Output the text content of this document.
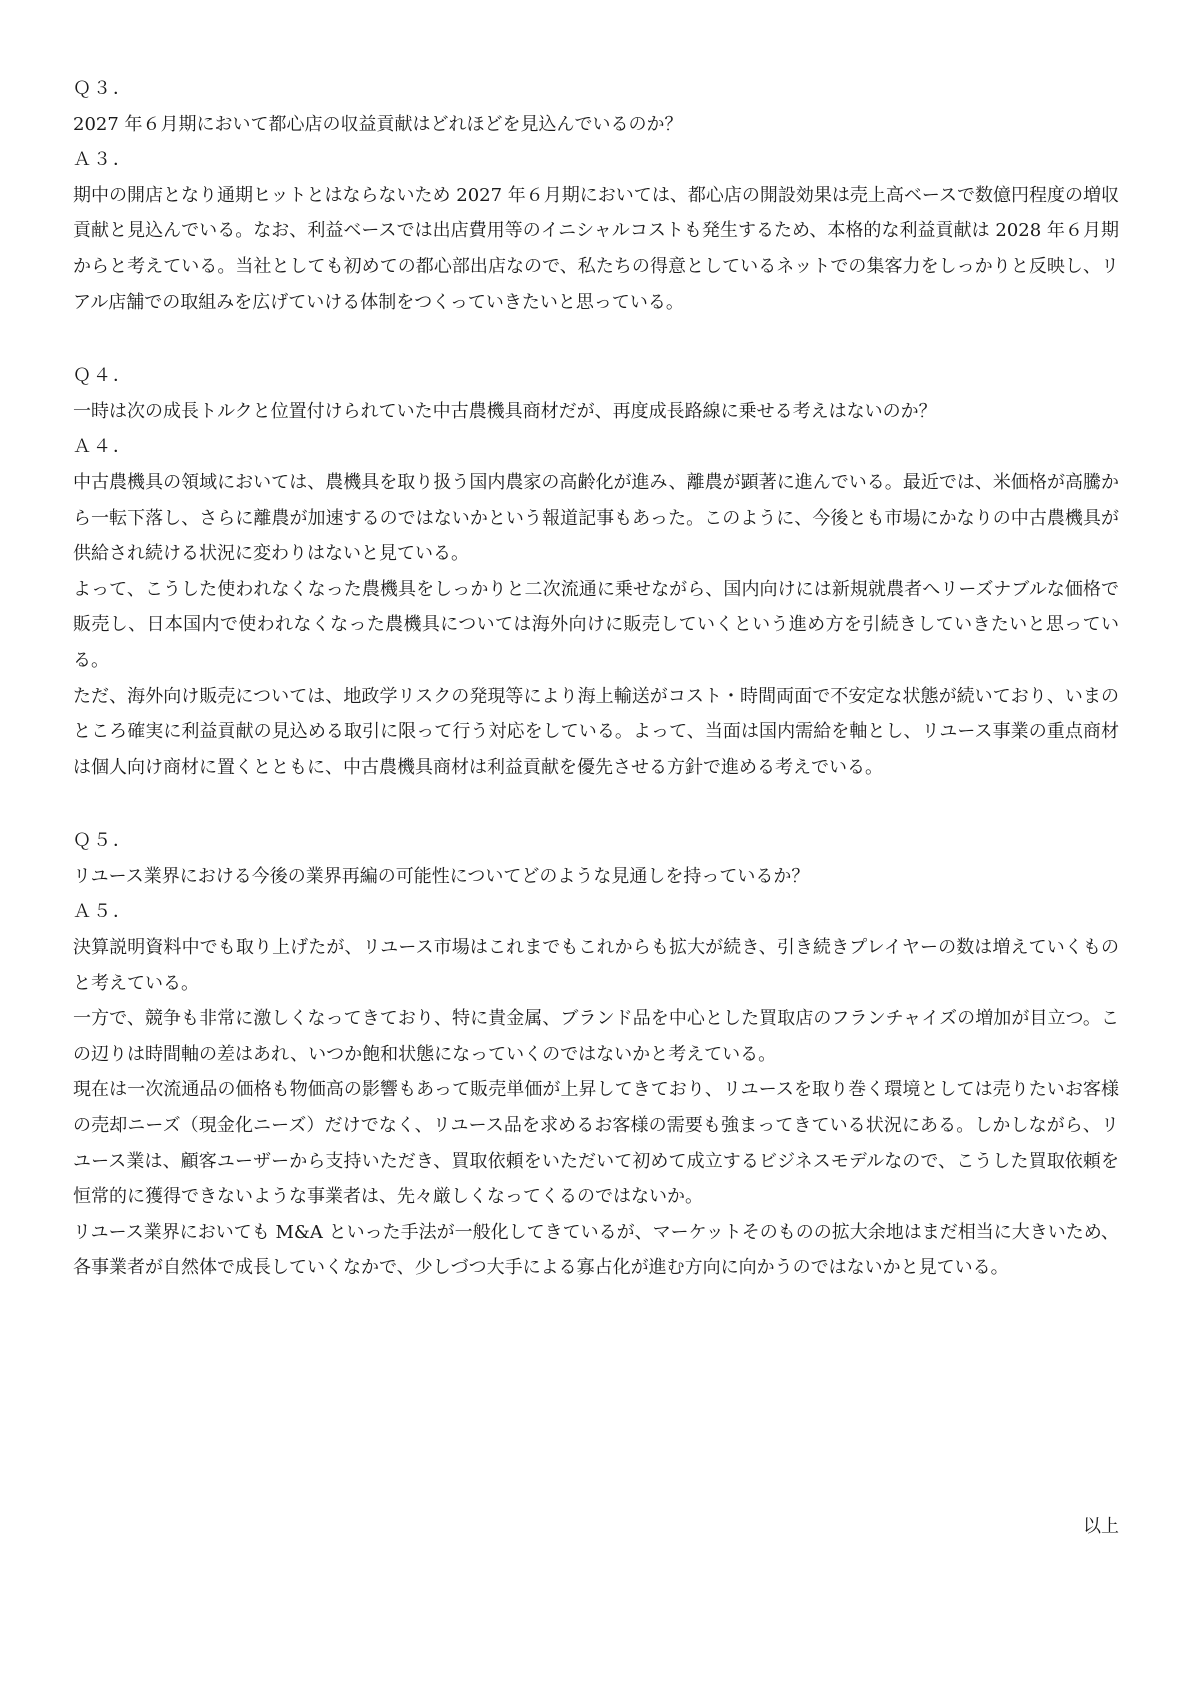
Ｑ３．

2027 年６月期において都心店の収益貢献はどれほどを見込んでいるのか？

Ａ３．

期中の開店となり通期ヒットとはならないため 2027 年６月期においては、都心店の開設効果は売上高ベースで数億円程度の増収貢献と見込んでいる。なお、利益ベースでは出店費用等のイニシャルコストも発生するため、本格的な利益貢献は 2028 年６月期からと考えている。当社としても初めての都心部出店なので、私たちの得意としているネットでの集客力をしっかりと反映し、リアル店舗での取組みを広げていける体制をつくっていきたいと思っている。

Ｑ４．

一時は次の成長トルクと位置付けられていた中古農機具商材だが、再度成長路線に乗せる考えはないのか？

Ａ４．

中古農機具の領域においては、農機具を取り扱う国内農家の高齢化が進み、離農が顕著に進んでいる。最近では、米価格が高騰から一転下落し、さらに離農が加速するのではないかという報道記事もあった。このように、今後とも市場にかなりの中古農機具が供給され続ける状況に変わりはないと見ている。

よって、こうした使われなくなった農機具をしっかりと二次流通に乗せながら、国内向けには新規就農者へリーズナブルな価格で販売し、日本国内で使われなくなった農機具については海外向けに販売していくという進め方を引続きしていきたいと思っている。

ただ、海外向け販売については、地政学リスクの発現等により海上輸送がコスト・時間両面で不安定な状態が続いており、いまのところ確実に利益貢献の見込める取引に限って行う対応をしている。よって、当面は国内需給を軸とし、リユース事業の重点商材は個人向け商材に置くとともに、中古農機具商材は利益貢献を優先させる方針で進める考えでいる。

Ｑ５．

リユース業界における今後の業界再編の可能性についてどのような見通しを持っているか？

Ａ５．

決算説明資料中でも取り上げたが、リユース市場はこれまでもこれからも拡大が続き、引き続きプレイヤーの数は増えていくものと考えている。

一方で、競争も非常に激しくなってきており、特に貴金属、ブランド品を中心とした買取店のフランチャイズの増加が目立つ。この辺りは時間軸の差はあれ、いつか飽和状態になっていくのではないかと考えている。

現在は一次流通品の価格も物価高の影響もあって販売単価が上昇してきており、リユースを取り巻く環境としては売りたいお客様の売却ニーズ（現金化ニーズ）だけでなく、リユース品を求めるお客様の需要も強まってきている状況にある。しかしながら、リユース業は、顧客ユーザーから支持いただき、買取依頼をいただいて初めて成立するビジネスモデルなので、こうした買取依頼を恒常的に獲得できないような事業者は、先々厳しくなってくるのではないか。

リユース業界においても M&A といった手法が一般化してきているが、マーケットそのものの拡大余地はまだ相当に大きいため、各事業者が自然体で成長していくなかで、少しづつ大手による寡占化が進む方向に向かうのではないかと見ている。

以上
